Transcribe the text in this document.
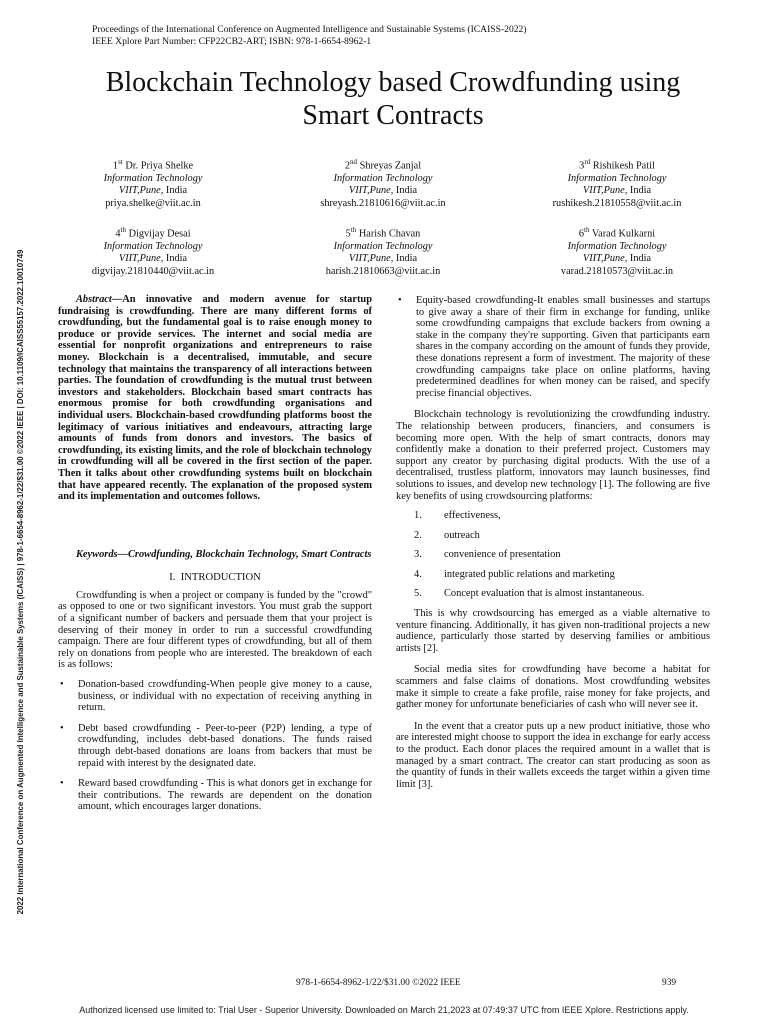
Proceedings of the International Conference on Augmented Intelligence and Sustainable Systems (ICAISS-2022)
IEEE Xplore Part Number: CFP22CB2-ART; ISBN: 978-1-6654-8962-1
Blockchain Technology based Crowdfunding using
Smart Contracts
1st Dr. Priya Shelke
Information Technology
VIIT,Pune, India
priya.shelke@viit.ac.in
2nd Shreyas Zanjal
Information Technology
VIIT,Pune, India
shreyash.21810616@viit.ac.in
3rd Rishikesh Patil
Information Technology
VIIT,Pune, India
rushikesh.21810558@viit.ac.in
4th Digvijay Desai
Information Technology
VIIT,Pune, India
digvijay.21810440@viit.ac.in
5th Harish Chavan
Information Technology
VIIT,Pune, India
harish.21810663@viit.ac.in
6th Varad Kulkarni
Information Technology
VIIT,Pune, India
varad.21810573@viit.ac.in
2022 International Conference on Augmented Intelligence and Sustainable Systems (ICAISS) | 978-1-6654-8962-1/22/$31.00 ©2022 IEEE | DOI: 10.1109/ICAISS55157.2022.10010749	Abstract—An innovative and modern avenue for startup fundraising is crowdfunding. There are many different forms of crowdfunding, but the fundamental goal is to raise enough money to produce or provide services. The internet and social media are essential for nonprofit organizations and entrepreneurs to raise money. Blockchain is a decentralised, immutable, and secure technology that maintains the transparency of all interactions between parties. The foundation of crowdfunding is the mutual trust between investors and stakeholders. Blockchain based smart contracts has enormous promise for both crowdfunding organisations and individual users. Blockchain-based crowdfunding platforms boost the legitimacy of various initiatives and endeavours, attracting large amounts of funds from donors and investors. The basics of crowdfunding, its existing limits, and the role of blockchain technology in crowdfunding will all be covered in the first section of the paper. Then it talks about other crowdfunding systems built on blockchain that have appeared recently. The explanation of the proposed system and its implementation and outcomes follows.

Keywords—Crowdfunding, Blockchain Technology, Smart Contracts

I. INTRODUCTION

Crowdfunding is when a project or company is funded by the "crowd" as opposed to one or two significant investors. You must grab the support of a significant number of backers and persuade them that your project is deserving of their money in order to run a successful crowdfunding campaign. There are four different types of crowdfunding, but all of them rely on donations from people who are interested. The breakdown of each is as follows:

• Donation-based crowdfunding-When people give money to a cause, business, or individual with no expectation of receiving anything in return.
• Debt based crowdfunding - Peer-to-peer (P2P) lending, a type of crowdfunding, includes debt-based donations. The funds raised through debt-based donations are loans from backers that must be repaid with interest by the designated date.
• Reward based crowdfunding - This is what donors get in exchange for their contributions. The rewards are dependent on the donation amount, which encourages larger donations.
• Equity-based crowdfunding-It enables small businesses and startups to give away a share of their firm in exchange for funding, unlike some crowdfunding campaigns that exclude backers from owning a stake in the company they're supporting. Given that participants earn shares in the company according on the amount of funds they provide, these donations represent a form of investment. The majority of these crowdfunding campaigns take place on online platforms, having predetermined deadlines for when money can be raised, and specify precise financial objectives.

Blockchain technology is revolutionizing the crowdfunding industry. The relationship between producers, financiers, and consumers is becoming more open. With the help of smart contracts, donors may confidently make a donation to their preferred project. Customers may support any creator by purchasing digital products. With the use of a decentralised, trustless platform, innovators may launch businesses, find solutions to issues, and develop new technology [1]. The following are five key benefits of using crowdsourcing platforms:

1. effectiveness,
2. outreach
3. convenience of presentation
4. integrated public relations and marketing
5. Concept evaluation that is almost instantaneous.

This is why crowdsourcing has emerged as a viable alternative to venture financing. Additionally, it has given non-traditional projects a new audience, particularly those started by deserving families or ambitious artists [2].

Social media sites for crowdfunding have become a habitat for scammers and false claims of donations. Most crowdfunding websites make it simple to create a fake profile, raise money for fake projects, and gather money for unfortunate beneficiaries of cash who will never see it.

In the event that a creator puts up a new product initiative, those who are interested might choose to support the idea in exchange for early access to the product. Each donor places the required amount in a wallet that is managed by a smart contract. The creator can start producing as soon as the quantity of funds in their wallets exceeds the target within a given time limit [3].

978-1-6654-8962-1/22/$31.00 ©2022 IEEE	939
Authorized licensed use limited to: Trial User - Superior University. Downloaded on March 21,2023 at 07:49:37 UTC from IEEE Xplore. Restrictions apply.
